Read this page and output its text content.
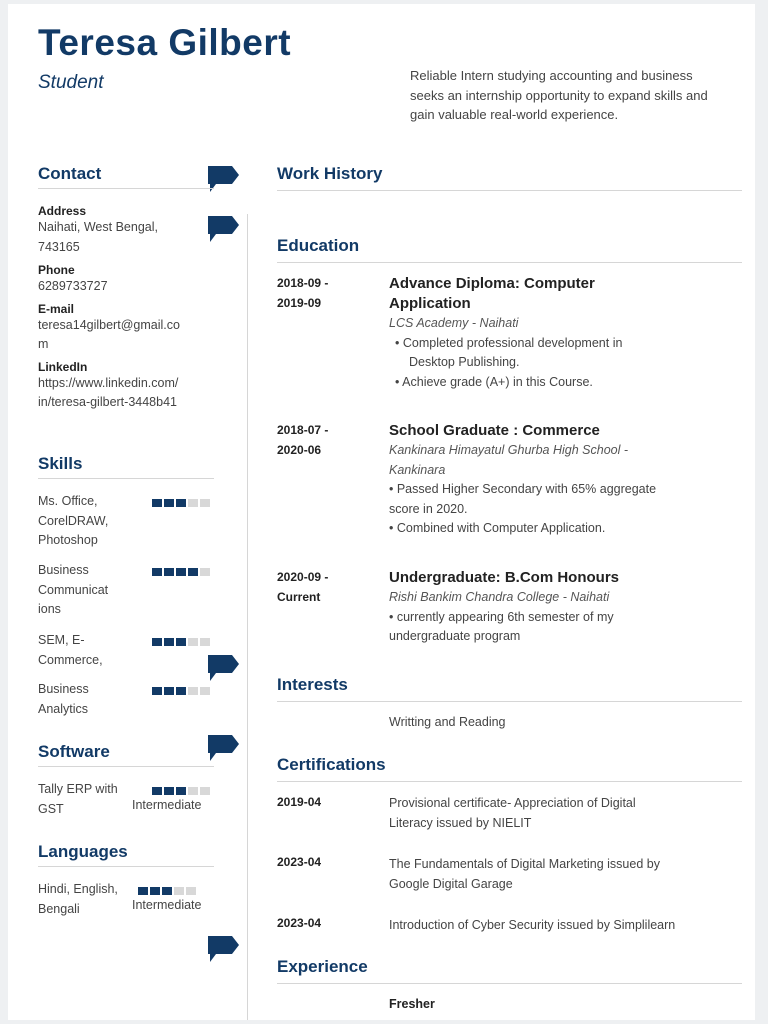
Teresa Gilbert
Student	Reliable Intern studying accounting and business seeks an internship opportunity to expand skills and gain valuable real-world experience.
Contact
Address
Naihati, West Bengal,
743165
Phone
6289733727
E-mail
teresa14gilbert@gmail.co
m
LinkedIn
https://www.linkedin.com/
in/teresa-gilbert-3448b41
Skills
Ms. Office,
CorelDRAW,
Photoshop
Business
Communicat
ions
SEM, E-
Commerce,
Business
Analytics
Software
Tally ERP with
GST	Intermediate
Languages
Hindi, English,
Bengali	Intermediate
Work History
Education
2018-09 -
2019-09
Advance Diploma: Computer
Application
LCS Academy - Naihati
• Completed professional development in
Desktop Publishing.
• Achieve grade (A+) in this Course.
2018-07 -
2020-06
School Graduate : Commerce
Kankinara Himayatul Ghurba High School -
Kankinara
• Passed Higher Secondary with 65% aggregate
score in 2020.
• Combined with Computer Application.
2020-09 -
Current
Undergraduate: B.Com Honours
Rishi Bankim Chandra College - Naihati
• currently appearing 6th semester of my
undergraduate program
Interests
Writting and Reading
Certifications
2019-04	Provisional certificate- Appreciation of Digital
Literacy issued by NIELIT
2023-04	The Fundamentals of Digital Marketing issued by
Google Digital Garage
2023-04	Introduction of Cyber Security issued by Simplilearn
Experience
Fresher
